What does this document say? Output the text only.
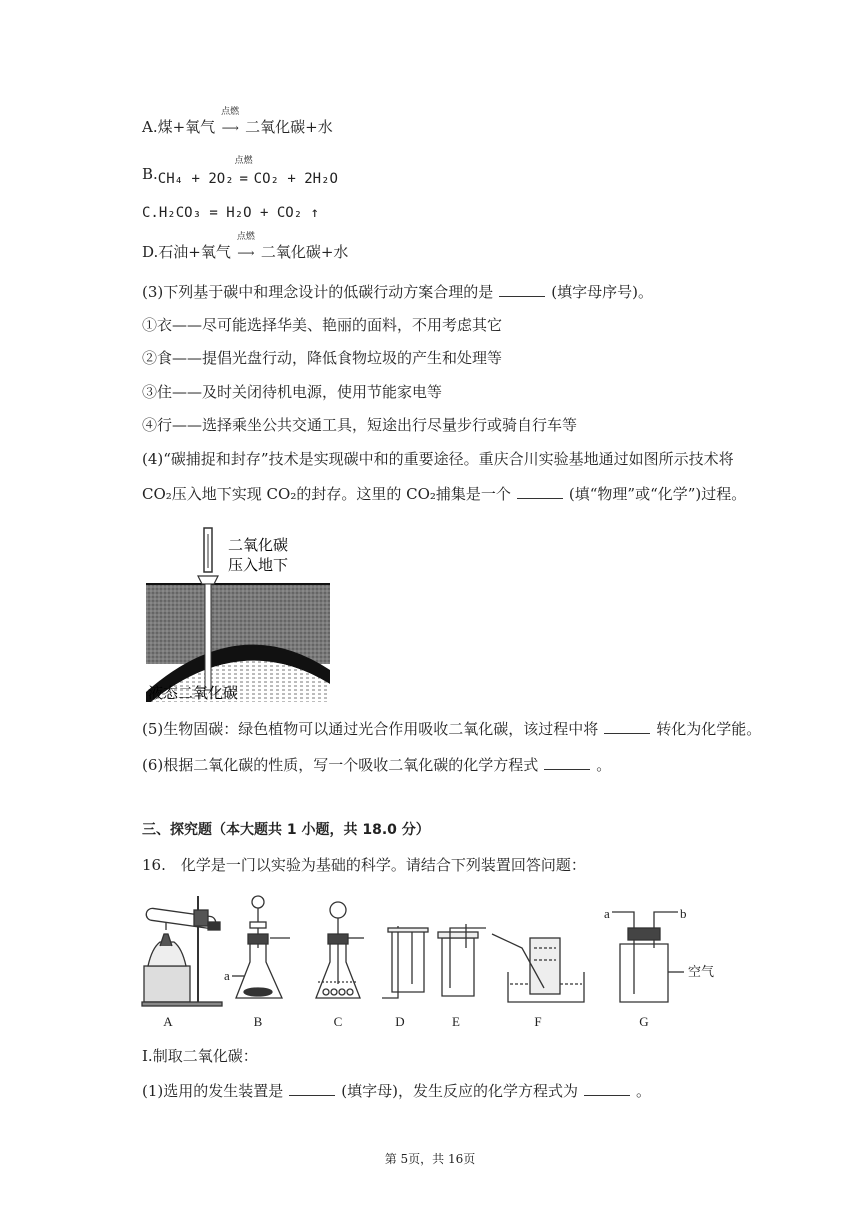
A.煤+氧气
点燃
⟶ 二氧化碳+水
B.CH₄ + 2O₂
点燃
= CO₂ + 2H₂O
C.H₂CO₃ = H₂O + CO₂ ↑
D.石油+氧气
点燃
⟶ 二氧化碳+水
(3)下列基于碳中和理念设计的低碳行动方案合理的是	(填字母序号)。
①衣——尽可能选择华美、艳丽的面料，不用考虑其它
②食——提倡光盘行动，降低食物垃圾的产生和处理等
③住——及时关闭待机电源，使用节能家电等
④行——选择乘坐公共交通工具，短途出行尽量步行或骑自行车等
(4)“碳捕捉和封存”技术是实现碳中和的重要途径。重庆合川实验基地通过如图所示技术将
CO₂压入地下实现 CO₂的封存。这里的 CO₂捕集是一个	(填“物理”或“化学”)过程。
二氧化碳
压入地下
液态二氧化碳
(5)生物固碳：绿色植物可以通过光合作用吸收二氧化碳，该过程中将	转化为化学能。
(6)根据二氧化碳的性质，写一个吸收二氧化碳的化学方程式	。
三、探究题（本大题共 1 小题，共 18.0 分）
16.　化学是一门以实验为基础的科学。请结合下列装置回答问题：
a
a	b
空气
A	B	C	D	E	F	G
I.制取二氧化碳：
(1)选用的发生装置是	(填字母)，发生反应的化学方程式为	。
第 5页，共 16页
